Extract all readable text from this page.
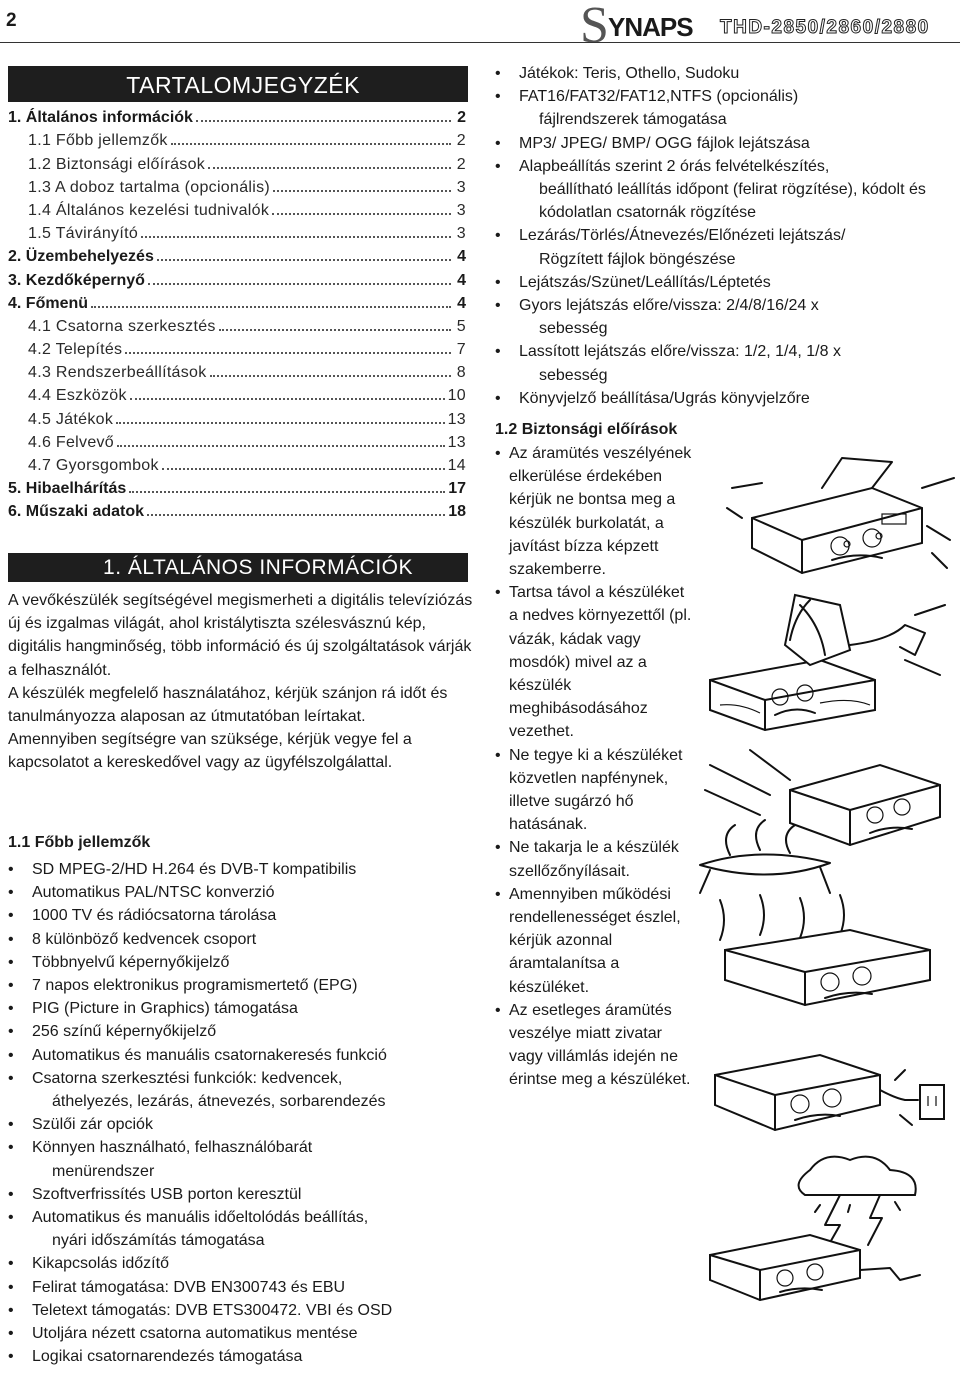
2	S YNAPS THD-2850/2860/2880
TARTALOMJEGYZÉK
1. Általános információk	2
1.1 Főbb jellemzők	2
1.2 Biztonsági előírások	2
1.3 A doboz tartalma (opcionális)	3
1.4 Általános kezelési tudnivalók	3
1.5 Távirányító	3
2. Üzembehelyezés	4
3. Kezdőképernyő	4
4. Főmenü	4
4.1 Csatorna szerkesztés	5
4.2 Telepítés	7
4.3 Rendszerbeállítások	8
4.4 Eszközök	10
4.5 Játékok	13
4.6 Felvevő	13
4.7 Gyorsgombok	14
5. Hibaelhárítás	17
6. Műszaki adatok	18
1. ÁLTALÁNOS INFORMÁCIÓK

A vevőkészülék segítségével megismerheti a digitális televíziózás új és izgalmas világát, ahol kristálytiszta szélesvásznú kép, digitális hangminőség, több információ és új szolgáltatások várják a felhasználót.

A készülék megfelelő használatához, kérjük szánjon rá időt és tanulmányozza alaposan az útmutatóban leírtakat.

Amennyiben segítségre van szüksége, kérjük vegye fel a kapcsolatot a kereskedővel vagy az ügyfélszolgálattal.

1.1 Főbb jellemzők
• SD MPEG-2/HD H.264 és DVB-T kompatibilis
• Automatikus PAL/NTSC konverzió
• 1000 TV és rádiócsatorna tárolása
• 8 különböző kedvencek csoport
• Többnyelvű képernyőkijelző
• 7 napos elektronikus programismertető (EPG)
• PIG (Picture in Graphics) támogatása
• 256 színű képernyőkijelző
• Automatikus és manuális csatornakeresés funkció
• Csatorna szerkesztési funkciók: kedvencek,
áthelyezés, lezárás, átnevezés, sorbarendezés
• Szülői zár opciók
• Könnyen használható, felhasználóbarát
menürendszer
• Szoftverfrissítés USB porton keresztül
• Automatikus és manuális időeltolódás beállítás,
nyári időszámítás támogatása
• Kikapcsolás időzítő
• Felirat támogatása: DVB EN300743 és EBU
• Teletext támogatás: DVB ETS300472. VBI és OSD
• Utoljára nézett csatorna automatikus mentése
• Logikai csatornarendezés támogatása
• Játékok: Teris, Othello, Sudoku
• FAT16/FAT32/FAT12,NTFS (opcionális)
fájlrendszerek támogatása
• MP3/ JPEG/ BMP/ OGG fájlok lejátszása
• Alapbeállítás szerint 2 órás felvételkészítés,
beállítható leállítás időpont (felirat rögzítése), kódolt és kódolatlan csatornák rögzítése
• Lezárás/Törlés/Átnevezés/Előnézeti lejátszás/
Rögzített fájlok böngészése
• Lejátszás/Szünet/Leállítás/Léptetés
• Gyors lejátszás előre/vissza: 2/4/8/16/24 x
sebesség
• Lassított lejátszás előre/vissza: 1/2, 1/4, 1/8 x
sebesség
• Könyvjelző beállítása/Ugrás könyvjelzőre
1.2 Biztonsági előírások
• Az áramütés veszélyének elkerülése érdekében kérjük ne bontsa meg a készülék burkolatát, a javítást bízza képzett szakemberre.
• Tartsa távol a készüléket a nedves környezettől (pl. vázák, kádak vagy mosdók) mivel az a készülék meghibásodásához vezethet.
• Ne tegye ki a készüléket közvetlen napfénynek, illetve sugárzó hő hatásának.
• Ne takarja le a készülék szellőzőnyílásait.
• Amennyiben működési rendellenességet észlel, kérjük azonnal áramtalanítsa a készüléket.
• Az esetleges áramütés veszélye miatt zivatar vagy villámlás idején ne érintse meg a készüléket.
